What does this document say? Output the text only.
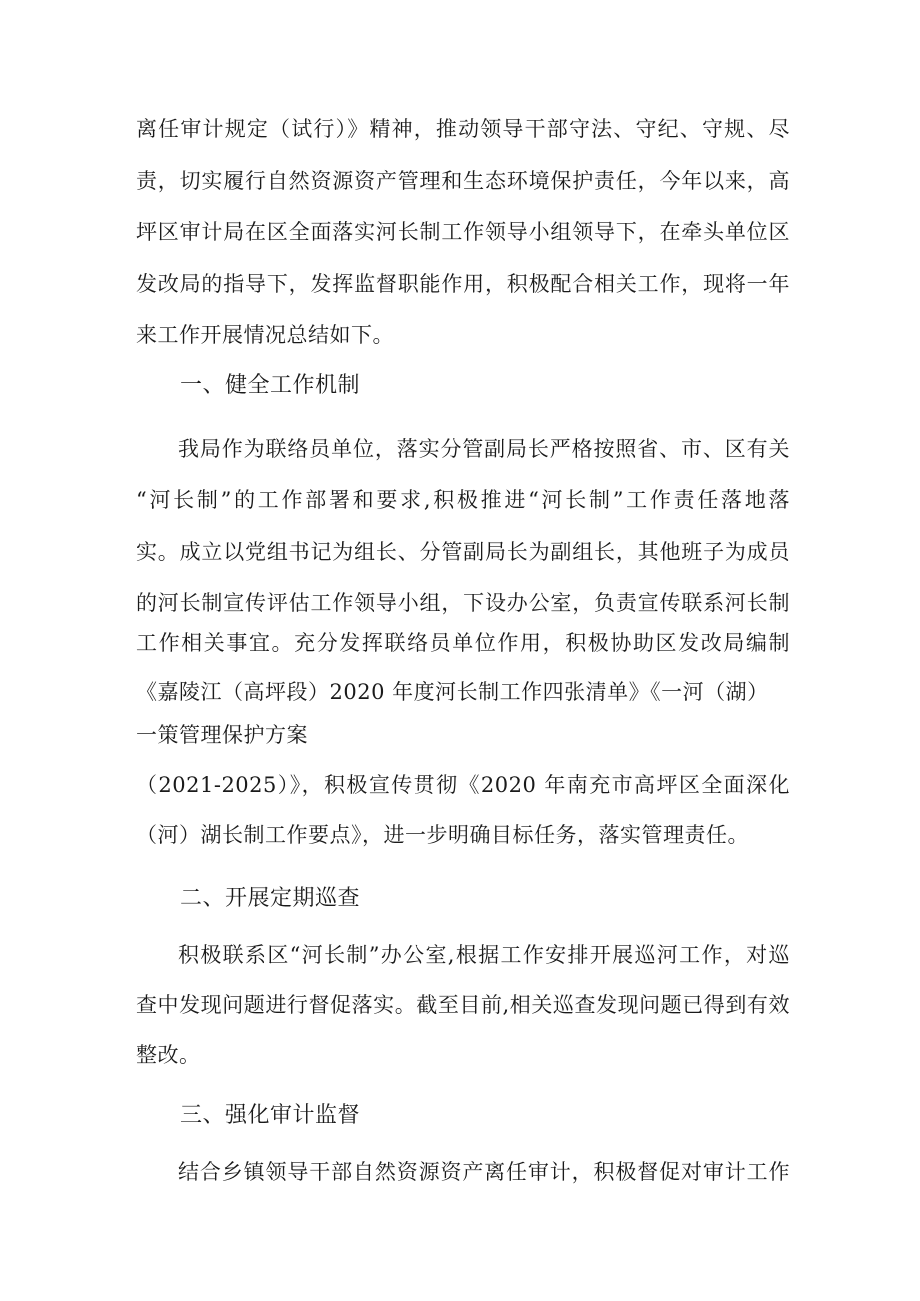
离任审计规定（试行）》精神，推动领导干部守法、守纪、守规、尽
责，切实履行自然资源资产管理和生态环境保护责任，今年以来，高
坪区审计局在区全面落实河长制工作领导小组领导下，在牵头单位区
发改局的指导下，发挥监督职能作用，积极配合相关工作，现将一年
来工作开展情况总结如下。
一、健全工作机制
我局作为联络员单位，落实分管副局长严格按照省、市、区有关
“河长制”的工作部署和要求,积极推进“河长制”工作责任落地落
实。成立以党组书记为组长、分管副局长为副组长，其他班子为成员
的河长制宣传评估工作领导小组，下设办公室，负责宣传联系河长制
工作相关事宜。充分发挥联络员单位作用，积极协助区发改局编制
《嘉陵江（高坪段）2020 年度河长制工作四张清单》《一河（湖）
一策管理保护方案
（2021-2025）》，积极宣传贯彻《2020 年南充市高坪区全面深化
（河）湖长制工作要点》，进一步明确目标任务，落实管理责任。
二、开展定期巡查
积极联系区“河长制”办公室,根据工作安排开展巡河工作，对巡
查中发现问题进行督促落实。截至目前,相关巡查发现问题已得到有效
整改。
三、强化审计监督
结合乡镇领导干部自然资源资产离任审计，积极督促对审计工作
